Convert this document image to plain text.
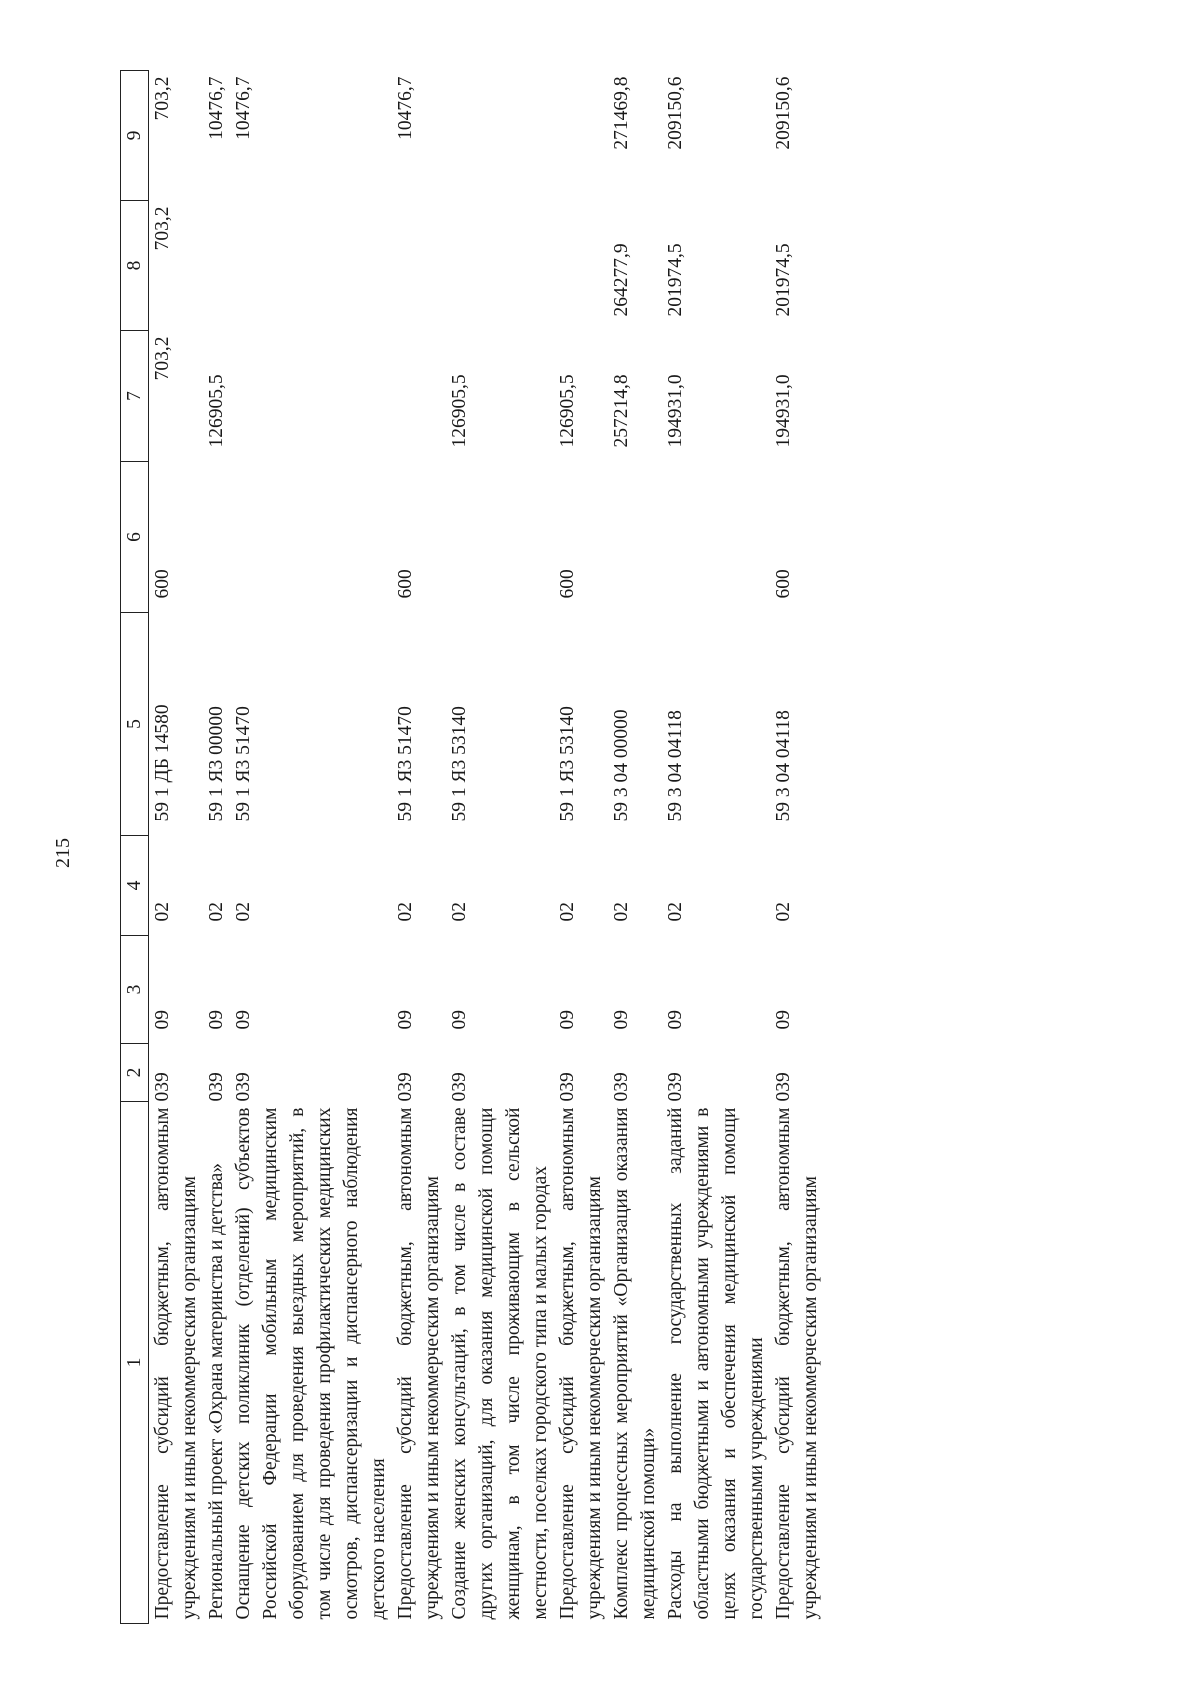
215
1	2	3	4	5	6	7	8	9
Предоставление субсидий бюджетным, автономным учреждениям и иным некоммерческим организациям	039	09	02	59 1 ДБ 14580	600	703,2	703,2	703,2
Региональный проект «Охрана материнства и детства»	039	09	02	59 1 Я3 00000		126905,5		10476,7
Оснащение детских поликлиник (отделений) субъектов Российской Федерации мобильным медицинским оборудованием для проведения выездных мероприятий, в том числе для проведения профилактических медицинских осмотров, диспансеризации и диспансерного наблюдения детского населения	039	09	02	59 1 Я3 51470				10476,7
Предоставление субсидий бюджетным, автономным учреждениям и иным некоммерческим организациям	039	09	02	59 1 Я3 51470	600			10476,7
Создание женских консультаций, в том числе в составе других организаций, для оказания медицинской помощи женщинам, в том числе проживающим в сельской местности, поселках городского типа и малых городах	039	09	02	59 1 Я3 53140		126905,5		
Предоставление субсидий бюджетным, автономным учреждениям и иным некоммерческим организациям	039	09	02	59 1 Я3 53140	600	126905,5		
Комплекс процессных мероприятий «Организация оказания медицинской помощи»	039	09	02	59 3 04 00000		257214,8	264277,9	271469,8
Расходы на выполнение государственных заданий областными бюджетными и автономными учреждениями в целях оказания и обеспечения медицинской помощи государственными учреждениями	039	09	02	59 3 04 04118		194931,0	201974,5	209150,6
Предоставление субсидий бюджетным, автономным учреждениям и иным некоммерческим организациям	039	09	02	59 3 04 04118	600	194931,0	201974,5	209150,6
